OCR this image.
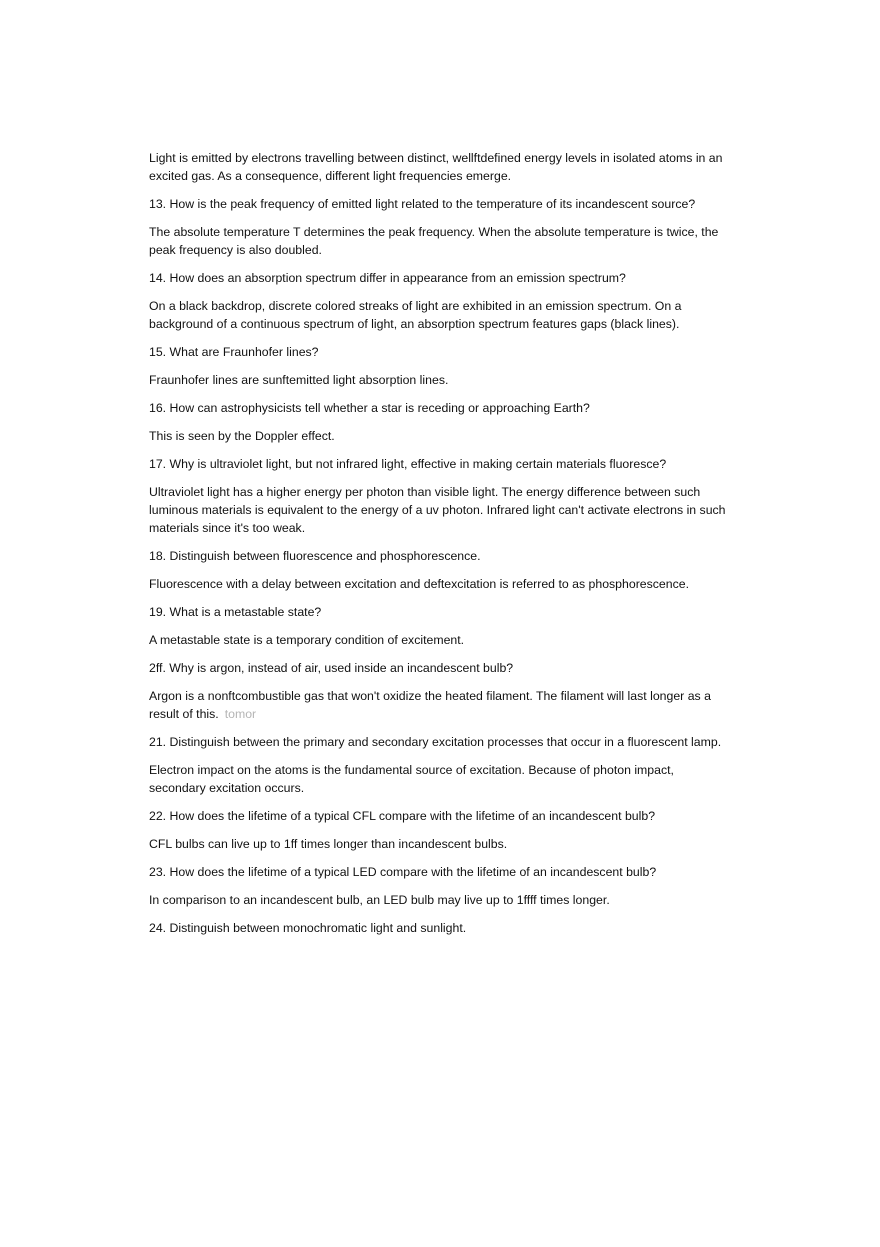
Light is emitted by electrons travelling between distinct, wellftdefined energy levels in isolated atoms in an excited gas. As a consequence, different light frequencies emerge.

13. How is the peak frequency of emitted light related to the temperature of its incandescent source?

The absolute temperature T determines the peak frequency. When the absolute temperature is twice, the peak frequency is also doubled.

14. How does an absorption spectrum differ in appearance from an emission spectrum?

On a black backdrop, discrete colored streaks of light are exhibited in an emission spectrum. On a background of a continuous spectrum of light, an absorption spectrum features gaps (black lines).

15. What are Fraunhofer lines?

Fraunhofer lines are sunftemitted light absorption lines.

16. How can astrophysicists tell whether a star is receding or approaching Earth?

This is seen by the Doppler effect.

17. Why is ultraviolet light, but not infrared light, effective in making certain materials fluoresce?

Ultraviolet light has a higher energy per photon than visible light. The energy difference between such luminous materials is equivalent to the energy of a uv photon. Infrared light can't activate electrons in such materials since it's too weak.

18. Distinguish between fluorescence and phosphorescence.

Fluorescence with a delay between excitation and deftexcitation is referred to as phosphorescence.

19. What is a metastable state?

A metastable state is a temporary condition of excitement.

2ff. Why is argon, instead of air, used inside an incandescent bulb?

Argon is a nonftcombustible gas that won't oxidize the heated filament. The filament will last longer as a result of this. tomor

21. Distinguish between the primary and secondary excitation processes that occur in a fluorescent lamp.

Electron impact on the atoms is the fundamental source of excitation. Because of photon impact, secondary excitation occurs.

22. How does the lifetime of a typical CFL compare with the lifetime of an incandescent bulb?

CFL bulbs can live up to 1ff times longer than incandescent bulbs.

23. How does the lifetime of a typical LED compare with the lifetime of an incandescent bulb?

In comparison to an incandescent bulb, an LED bulb may live up to 1ffff times longer.

24. Distinguish between monochromatic light and sunlight.
